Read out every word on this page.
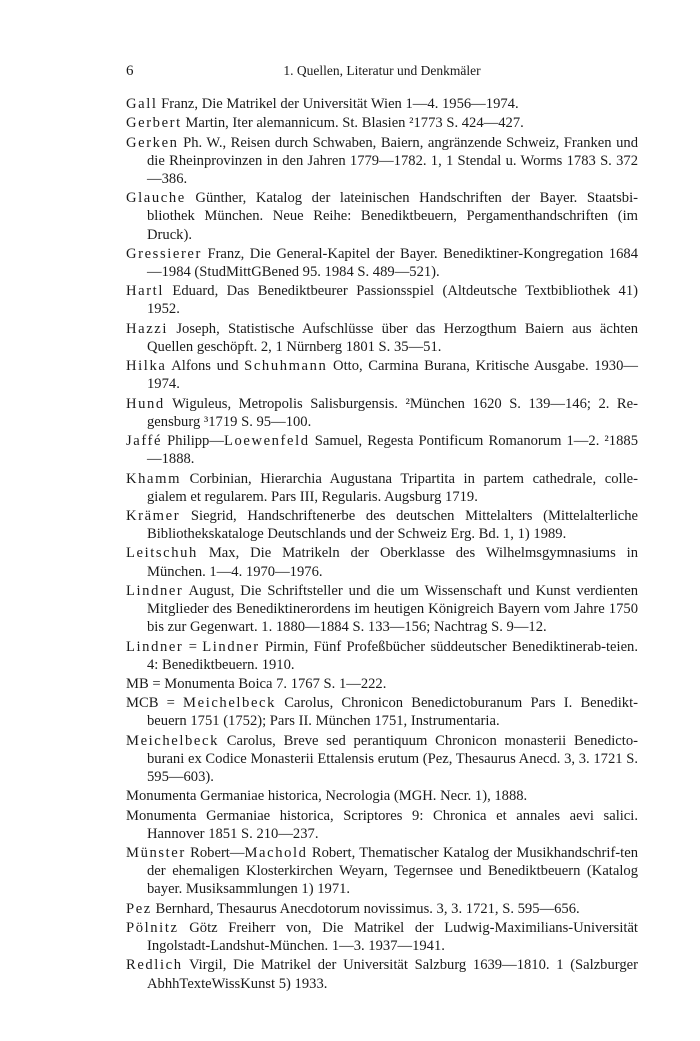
6	1. Quellen, Literatur und Denkmäler

Gall Franz, Die Matrikel der Universität Wien 1—4. 1956—1974.

Gerbert Martin, Iter alemannicum. St. Blasien ²1773 S. 424—427.

Gerken Ph. W., Reisen durch Schwaben, Baiern, angränzende Schweiz, Franken und die Rheinprovinzen in den Jahren 1779—1782. 1, 1 Stendal u. Worms 1783 S. 372—386.

Glauche Günther, Katalog der lateinischen Handschriften der Bayer. Staatsbi-bliothek München. Neue Reihe: Benediktbeuern, Pergamenthandschriften (im Druck).

Gressierer Franz, Die General-Kapitel der Bayer. Benediktiner-Kongregation 1684—1984 (StudMittGBened 95. 1984 S. 489—521).

Hartl Eduard, Das Benediktbeurer Passionsspiel (Altdeutsche Textbibliothek 41) 1952.

Hazzi Joseph, Statistische Aufschlüsse über das Herzogthum Baiern aus ächten Quellen geschöpft. 2, 1 Nürnberg 1801 S. 35—51.

Hilka Alfons und Schuhmann Otto, Carmina Burana, Kritische Ausgabe. 1930—1974.

Hund Wiguleus, Metropolis Salisburgensis. ²München 1620 S. 139—146; 2. Re-gensburg ³1719 S. 95—100.

Jaffé Philipp—Loewenfeld Samuel, Regesta Pontificum Romanorum 1—2. ²1885—1888.

Khamm Corbinian, Hierarchia Augustana Tripartita in partem cathedrale, colle-gialem et regularem. Pars III, Regularis. Augsburg 1719.

Krämer Siegrid, Handschriftenerbe des deutschen Mittelalters (Mittelalterliche Bibliothekskataloge Deutschlands und der Schweiz Erg. Bd. 1, 1) 1989.

Leitschuh Max, Die Matrikeln der Oberklasse des Wilhelmsgymnasiums in München. 1—4. 1970—1976.

Lindner August, Die Schriftsteller und die um Wissenschaft und Kunst verdienten Mitglieder des Benediktinerordens im heutigen Königreich Bayern vom Jahre 1750 bis zur Gegenwart. 1. 1880—1884 S. 133—156; Nachtrag S. 9—12.

Lindner = Lindner Pirmin, Fünf Profeßbücher süddeutscher Benediktinerab-teien. 4: Benediktbeuern. 1910.

MB = Monumenta Boica 7. 1767 S. 1—222.

MCB = Meichelbeck Carolus, Chronicon Benedictoburanum Pars I. Benedikt-beuern 1751 (1752); Pars II. München 1751, Instrumentaria.

Meichelbeck Carolus, Breve sed perantiquum Chronicon monasterii Benedicto-burani ex Codice Monasterii Ettalensis erutum (Pez, Thesaurus Anecd. 3, 3. 1721 S. 595—603).

Monumenta Germaniae historica, Necrologia (MGH. Necr. 1), 1888.

Monumenta Germaniae historica, Scriptores 9: Chronica et annales aevi salici. Hannover 1851 S. 210—237.

Münster Robert—Machold Robert, Thematischer Katalog der Musikhandschrif-ten der ehemaligen Klosterkirchen Weyarn, Tegernsee und Benediktbeuern (Katalog bayer. Musiksammlungen 1) 1971.

Pez Bernhard, Thesaurus Anecdotorum novissimus. 3, 3. 1721, S. 595—656.

Pölnitz Götz Freiherr von, Die Matrikel der Ludwig-Maximilians-Universität Ingolstadt-Landshut-München. 1—3. 1937—1941.

Redlich Virgil, Die Matrikel der Universität Salzburg 1639—1810. 1 (Salzburger AbhhTexteWissKunst 5) 1933.
